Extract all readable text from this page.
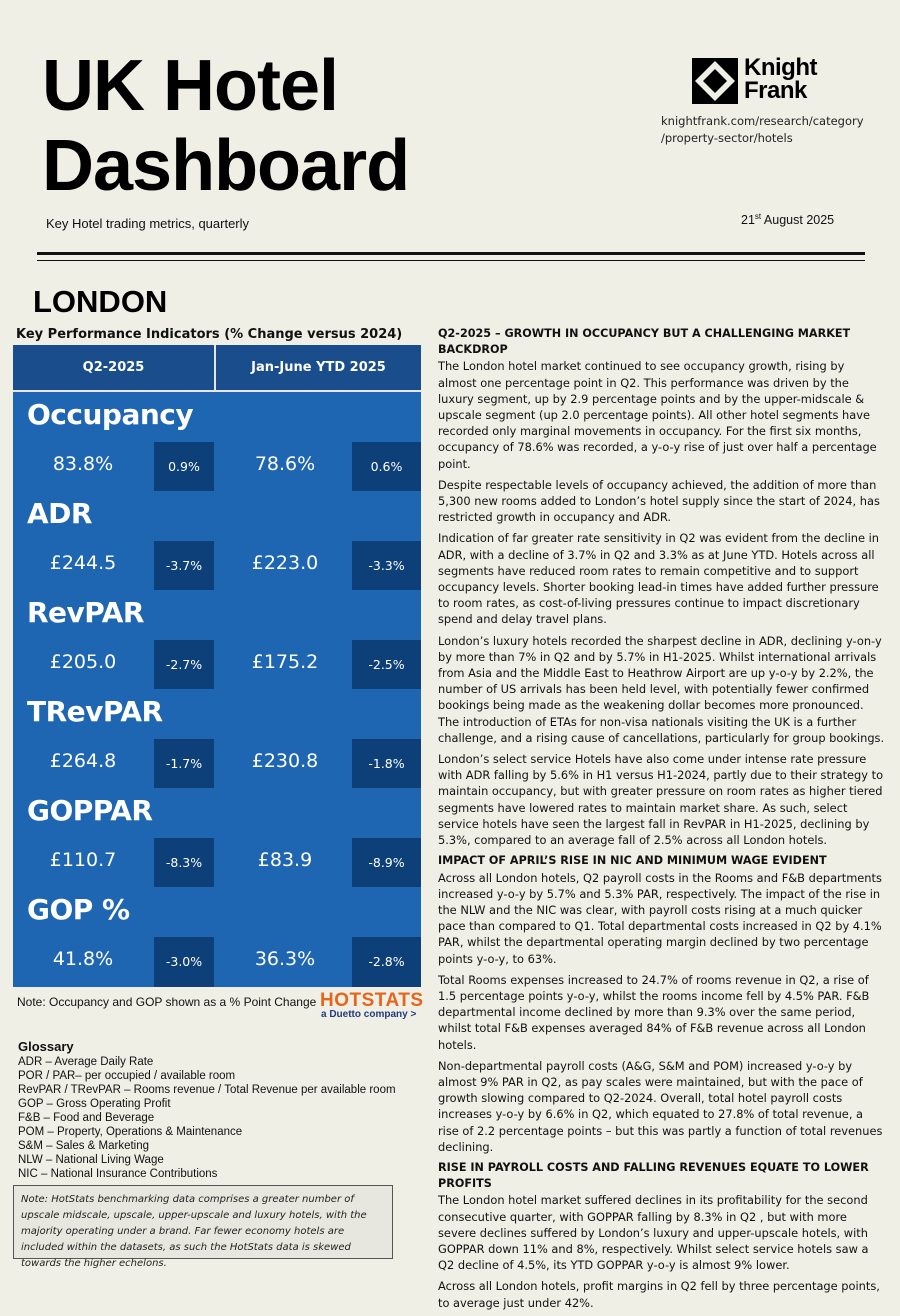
UK Hotel
Dashboard
Key Hotel trading metrics, quarterly
Knight
Frank
knightfrank.com/research/category
/property-sector/hotels
21st August 2025
LONDON
Key Performance Indicators (% Change versus 2024)
Q2-2025	Jan-June YTD 2025
Occupancy
83.8%	0.9%	78.6%	0.6%
ADR
£244.5	-3.7%	£223.0	-3.3%
RevPAR
£205.0	-2.7%	£175.2	-2.5%
TRevPAR
£264.8	-1.7%	£230.8	-1.8%
GOPPAR
£110.7	-8.3%	£83.9	-8.9%
GOP %
41.8%	-3.0%	36.3%	-2.8%
Note: Occupancy and GOP shown as a % Point Change HOTSTATS
a Duetto company >
Glossary
ADR – Average Daily Rate
POR / PAR– per occupied / available room
RevPAR / TRevPAR – Rooms revenue / Total Revenue per available room
GOP – Gross Operating Profit
F&B – Food and Beverage
POM – Property, Operations & Maintenance
S&M – Sales & Marketing
NLW – National Living Wage
NIC – National Insurance Contributions
Note: HotStats benchmarking data comprises a greater number of upscale midscale, upscale, upper-upscale and luxury hotels, with the majority operating under a brand. Far fewer economy hotels are included within the datasets, as such the HotStats data is skewed towards the higher echelons.

Q2-2025 – GROWTH IN OCCUPANCY BUT A CHALLENGING MARKET BACKDROP

The London hotel market continued to see occupancy growth, rising by almost one percentage point in Q2. This performance was driven by the luxury segment, up by 2.9 percentage points and by the upper-midscale & upscale segment (up 2.0 percentage points). All other hotel segments have recorded only marginal movements in occupancy. For the first six months, occupancy of 78.6% was recorded, a y-o-y rise of just over half a percentage point.

Despite respectable levels of occupancy achieved, the addition of more than 5,300 new rooms added to London’s hotel supply since the start of 2024, has restricted growth in occupancy and ADR.

Indication of far greater rate sensitivity in Q2 was evident from the decline in ADR, with a decline of 3.7% in Q2 and 3.3% as at June YTD. Hotels across all segments have reduced room rates to remain competitive and to support occupancy levels. Shorter booking lead-in times have added further pressure to room rates, as cost-of-living pressures continue to impact discretionary spend and delay travel plans.

London’s luxury hotels recorded the sharpest decline in ADR, declining y-on-y by more than 7% in Q2 and by 5.7% in H1-2025. Whilst international arrivals from Asia and the Middle East to Heathrow Airport are up y-o-y by 2.2%, the number of US arrivals has been held level, with potentially fewer confirmed bookings being made as the weakening dollar becomes more pronounced. The introduction of ETAs for non-visa nationals visiting the UK is a further challenge, and a rising cause of cancellations, particularly for group bookings.

London’s select service Hotels have also come under intense rate pressure with ADR falling by 5.6% in H1 versus H1-2024, partly due to their strategy to maintain occupancy, but with greater pressure on room rates as higher tiered segments have lowered rates to maintain market share. As such, select service hotels have seen the largest fall in RevPAR in H1-2025, declining by 5.3%, compared to an average fall of 2.5% across all London hotels.

IMPACT OF APRIL’S RISE IN NIC AND MINIMUM WAGE EVIDENT

Across all London hotels, Q2 payroll costs in the Rooms and F&B departments increased y-o-y by 5.7% and 5.3% PAR, respectively. The impact of the rise in the NLW and the NIC was clear, with payroll costs rising at a much quicker pace than compared to Q1. Total departmental costs increased in Q2 by 4.1% PAR, whilst the departmental operating margin declined by two percentage points y-o-y, to 63%.

Total Rooms expenses increased to 24.7% of rooms revenue in Q2, a rise of 1.5 percentage points y-o-y, whilst the rooms income fell by 4.5% PAR. F&B departmental income declined by more than 9.3% over the same period, whilst total F&B expenses averaged 84% of F&B revenue across all London hotels.

Non-departmental payroll costs (A&G, S&M and POM) increased y-o-y by almost 9% PAR in Q2, as pay scales were maintained, but with the pace of growth slowing compared to Q2-2024. Overall, total hotel payroll costs increases y-o-y by 6.6% in Q2, which equated to 27.8% of total revenue, a rise of 2.2 percentage points – but this was partly a function of total revenues declining.

RISE IN PAYROLL COSTS AND FALLING REVENUES EQUATE TO LOWER PROFITS

The London hotel market suffered declines in its profitability for the second consecutive quarter, with GOPPAR falling by 8.3% in Q2 , but with more severe declines suffered by London’s luxury and upper-upscale hotels, with GOPPAR down 11% and 8%, respectively. Whilst select service hotels saw a Q2 decline of 4.5%, its YTD GOPPAR y-o-y is almost 9% lower.

Across all London hotels, profit margins in Q2 fell by three percentage points, to average just under 42%.
